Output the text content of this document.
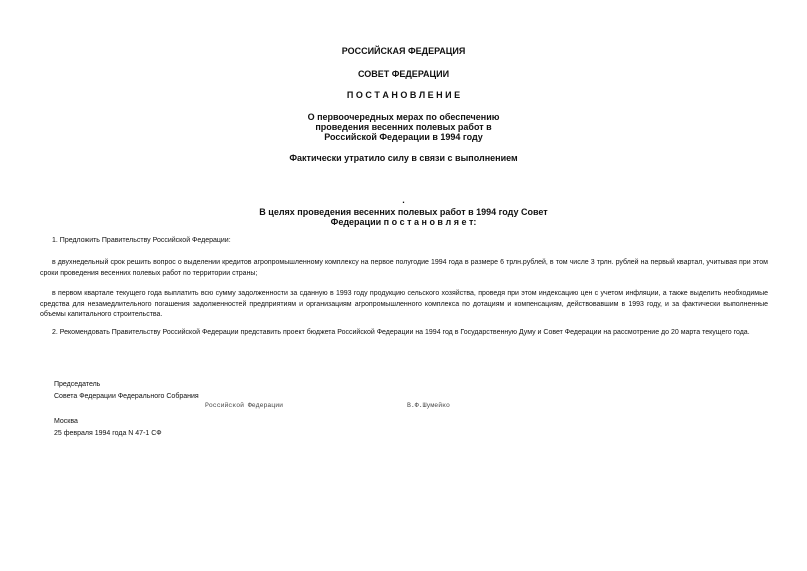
РОССИЙСКАЯ ФЕДЕРАЦИЯ
СОВЕТ ФЕДЕРАЦИИ
П О С Т А Н О В Л Е Н И Е
О первоочередных мерах по обеспечению
проведения весенних полевых работ в
Российской Федерации в 1994 году
Фактически утратило силу в связи с выполнением
.
В целях проведения весенних полевых работ в 1994 году Совет
Федерации п о с т а н о в л я е т:
1. Предложить Правительству Российской Федерации:
в двухнедельный срок решить вопрос о выделении кредитов агропромышленному комплексу на первое полугодие 1994 года в размере 6 трлн.рублей, в том числе 3 трлн. рублей на первый квартал, учитывая при этом сроки проведения весенних полевых работ по территории страны;
в первом квартале текущего года выплатить всю сумму задолженности за сданную в 1993 году продукцию сельского хозяйства, проведя при этом индексацию цен с учетом инфляции, а также выделить необходимые средства для незамедлительного погашения задолженностей предприятиям и организациям агропромышленного комплекса по дотациям и компенсациям, действовавшим в 1993 году, и за фактически выполненные объемы капитального строительства.
2. Рекомендовать Правительству Российской Федерации представить проект бюджета Российской Федерации на 1994 год в Государственную Думу и Совет Федерации на рассмотрение до 20 марта текущего года.
Председатель
Совета Федерации Федерального Собрания
Российской Федерации	В.Ф.Шумейко
Москва
25 февраля 1994 года N 47-1 СФ
